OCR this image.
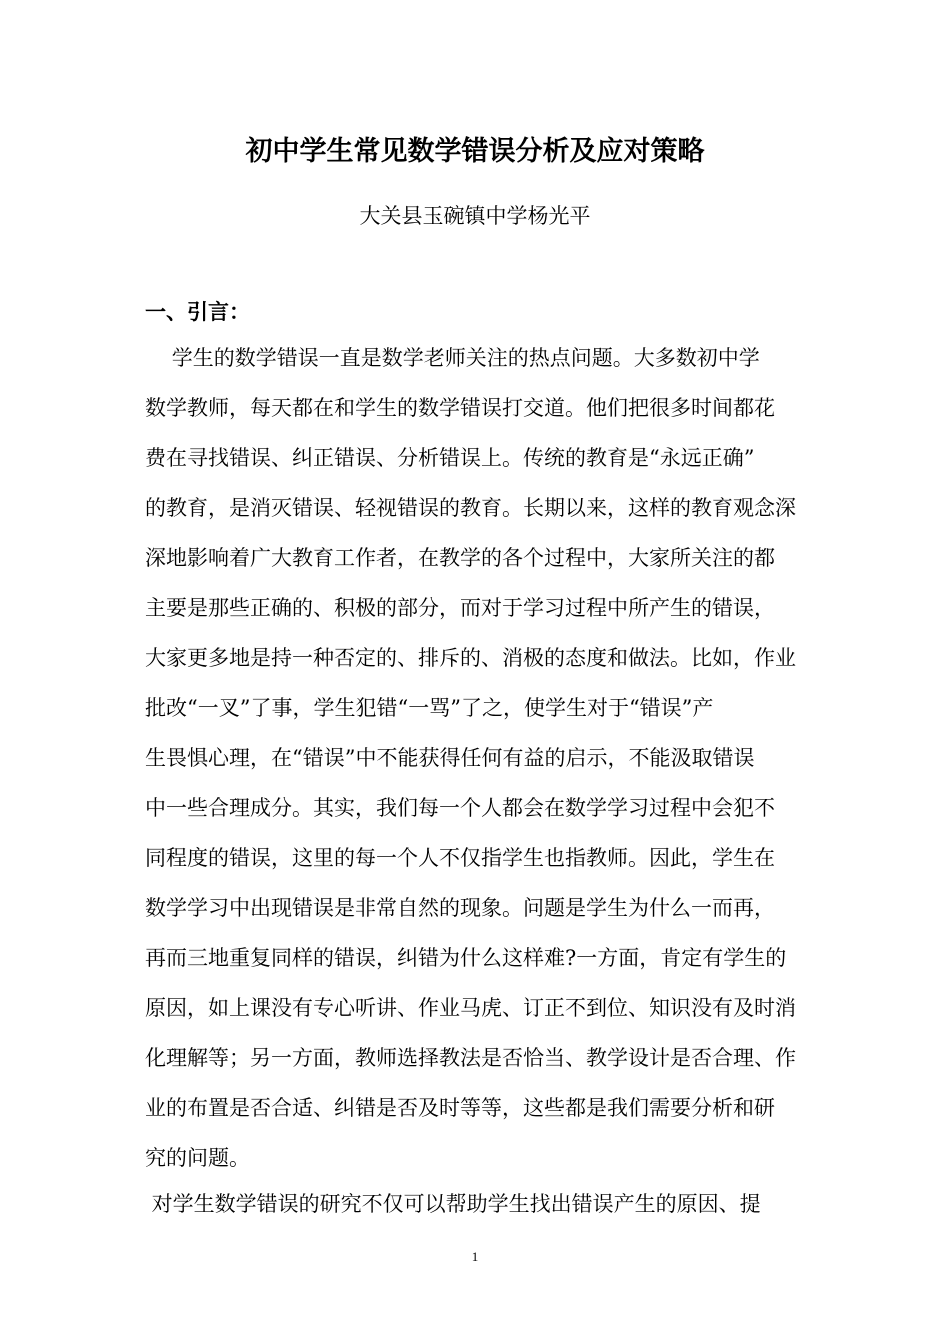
初中学生常见数学错误分析及应对策略
大关县玉碗镇中学杨光平
一、引言：
学生的数学错误一直是数学老师关注的热点问题。大多数初中学
数学教师，每天都在和学生的数学错误打交道。他们把很多时间都花
费在寻找错误、纠正错误、分析错误上。传统的教育是“永远正确”
的教育，是消灭错误、轻视错误的教育。长期以来，这样的教育观念深
深地影响着广大教育工作者，在教学的各个过程中，大家所关注的都
主要是那些正确的、积极的部分，而对于学习过程中所产生的错误，
大家更多地是持一种否定的、排斥的、消极的态度和做法。比如，作业
批改“一叉”了事，学生犯错“一骂”了之，使学生对于“错误”产
生畏惧心理，在“错误”中不能获得任何有益的启示，不能汲取错误
中一些合理成分。其实，我们每一个人都会在数学学习过程中会犯不
同程度的错误，这里的每一个人不仅指学生也指教师。因此，学生在
数学学习中出现错误是非常自然的现象。问题是学生为什么一而再，
再而三地重复同样的错误，纠错为什么这样难?一方面，肯定有学生的
原因，如上课没有专心听讲、作业马虎、订正不到位、知识没有及时消
化理解等；另一方面，教师选择教法是否恰当、教学设计是否合理、作
业的布置是否合适、纠错是否及时等等，这些都是我们需要分析和研
究的问题。
对学生数学错误的研究不仅可以帮助学生找出错误产生的原因、提
1
